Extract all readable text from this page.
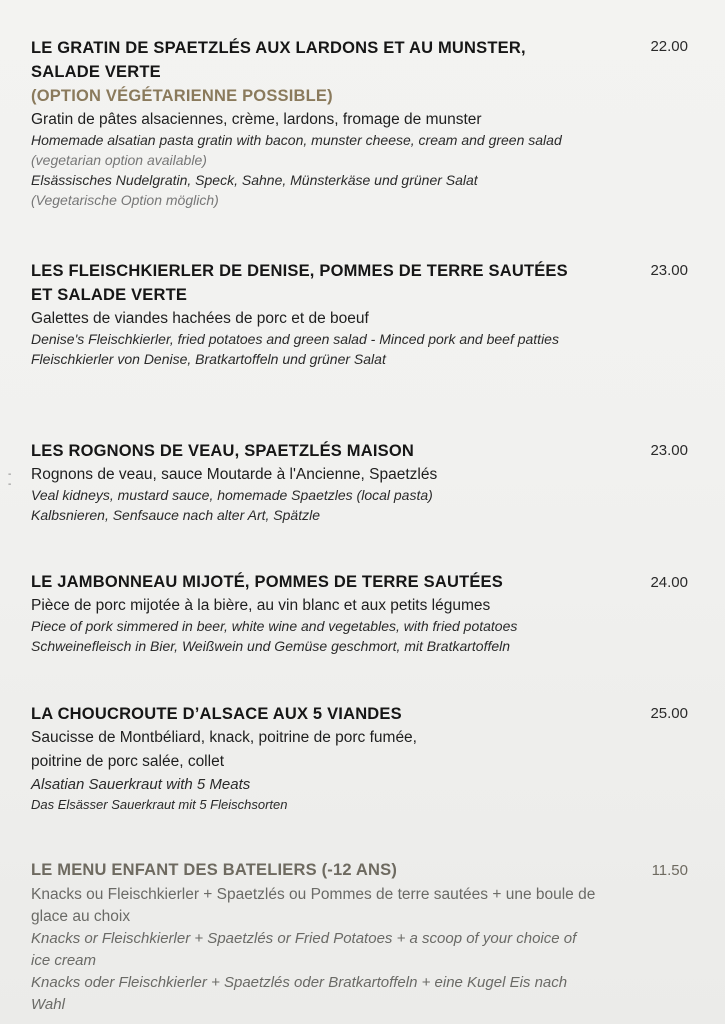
‐
‐
LE GRATIN DE SPAETZLÉS AUX LARDONS ET AU MUNSTER, SALADE VERTE
(OPTION VÉGÉTARIENNE POSSIBLE)
Gratin de pâtes alsaciennes, crème, lardons, fromage de munster
Homemade alsatian pasta gratin with bacon, munster cheese, cream and green salad (vegetarian option available)
Elsässisches Nudelgratin, Speck, Sahne, Münsterkäse und grüner Salat
(Vegetarische Option möglich)
22.00
LES FLEISCHKIERLER DE DENISE, POMMES DE TERRE SAUTÉES ET SALADE VERTE
Galettes de viandes hachées de porc et de boeuf
Denise's Fleischkierler, fried potatoes and green salad - Minced pork and beef patties
Fleischkierler von Denise, Bratkartoffeln und grüner Salat
23.00
LES ROGNONS DE VEAU, SPAETZLÉS MAISON
Rognons de veau, sauce Moutarde à l'Ancienne, Spaetzlés
Veal kidneys, mustard sauce, homemade Spaetzles (local pasta)
Kalbsnieren, Senfsauce nach alter Art, Spätzle
23.00
LE JAMBONNEAU MIJOTÉ, POMMES DE TERRE SAUTÉES
Pièce de porc mijotée à la bière, au vin blanc et aux petits légumes
Piece of pork simmered in beer, white wine and vegetables, with fried potatoes
Schweinefleisch in Bier, Weißwein und Gemüse geschmort, mit Bratkartoffeln
24.00
LA CHOUCROUTE D’ALSACE AUX 5 VIANDES
Saucisse de Montbéliard, knack, poitrine de porc fumée,
poitrine de porc salée, collet
Alsatian Sauerkraut with 5 Meats
Das Elsässer Sauerkraut mit 5 Fleischsorten
25.00
LE MENU ENFANT DES BATELIERS (-12 ANS)
Knacks ou Fleischkierler + Spaetzlés ou Pommes de terre sautées + une boule de glace au choix
Knacks or Fleischkierler + Spaetzlés or Fried Potatoes + a scoop of your choice of ice cream
Knacks oder Fleischkierler + Spaetzlés oder Bratkartoffeln + eine Kugel Eis nach Wahl
11.50
